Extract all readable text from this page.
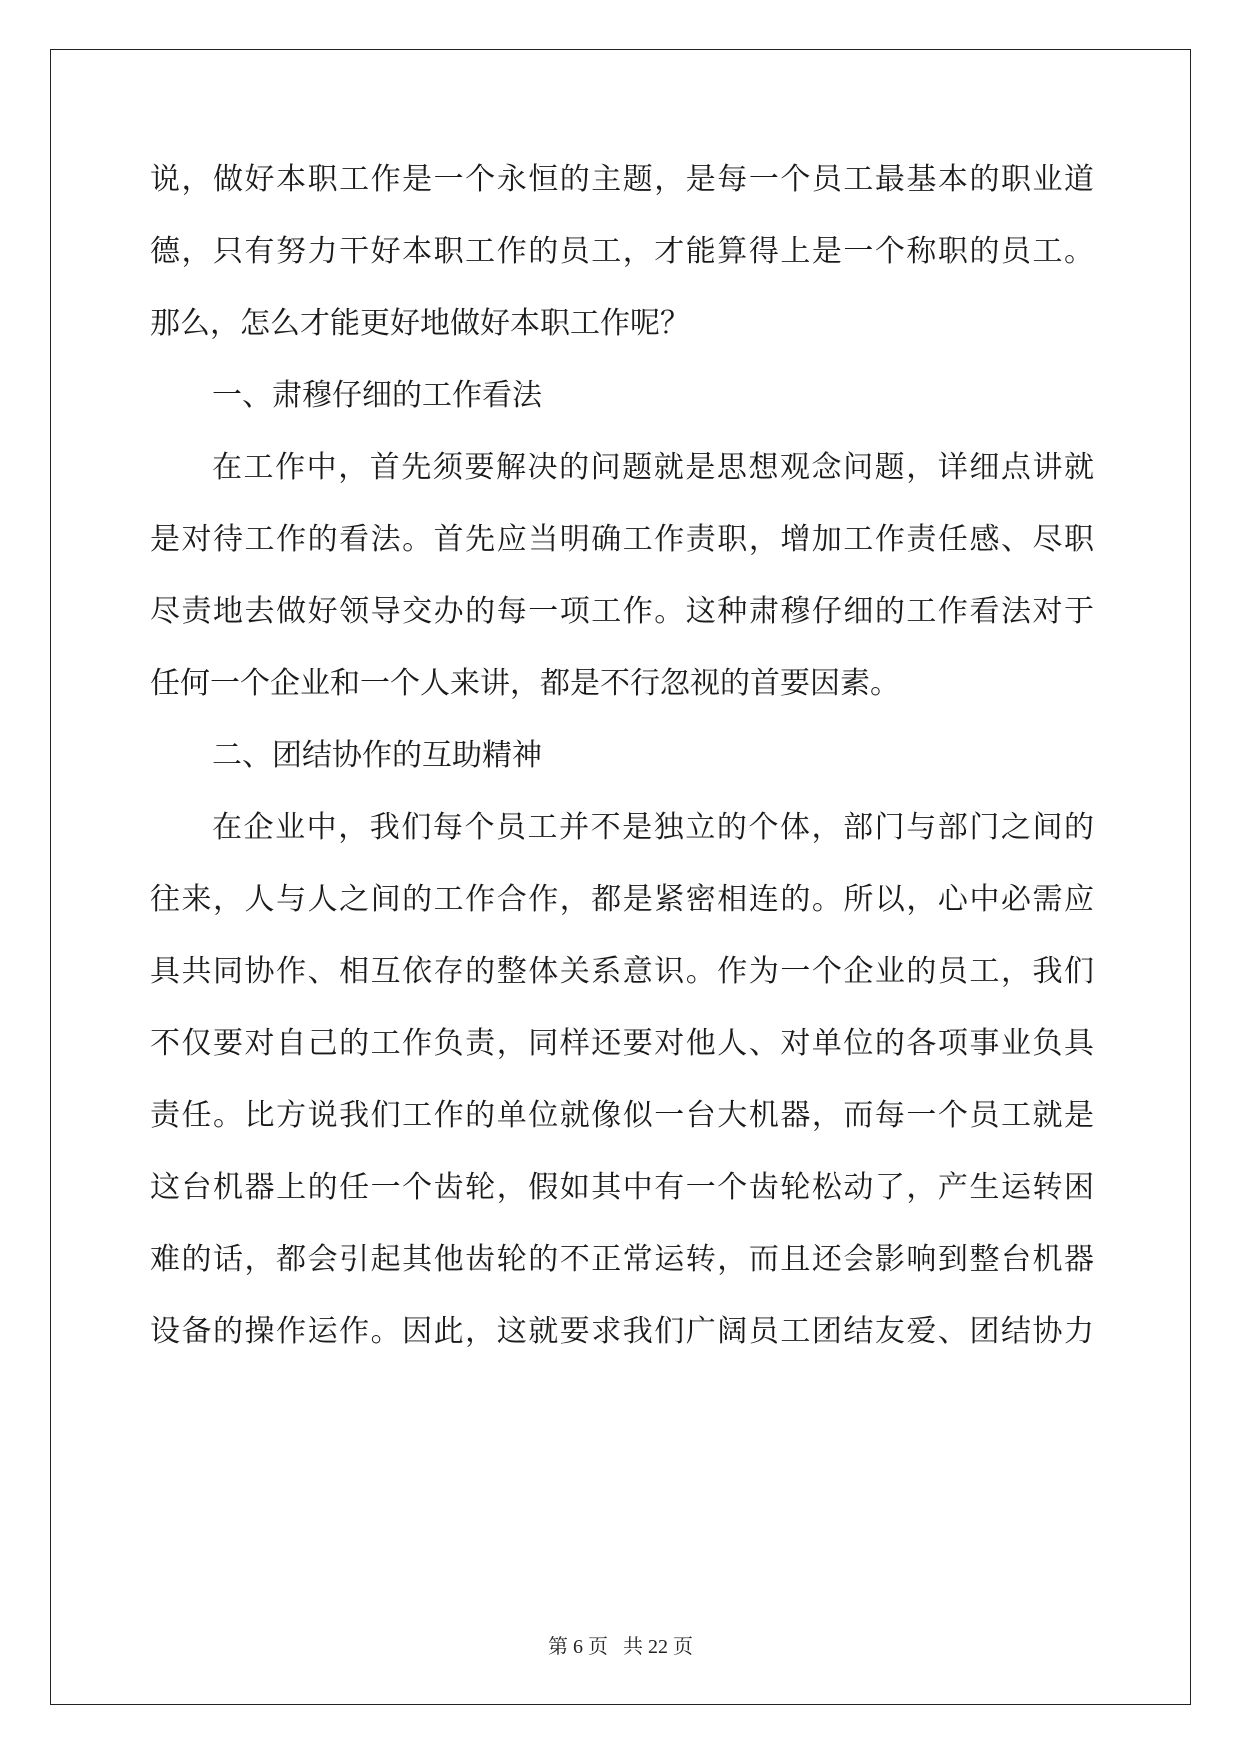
说，做好本职工作是一个永恒的主题，是每一个员工最基本的职业道
德，只有努力干好本职工作的员工，才能算得上是一个称职的员工。
那么，怎么才能更好地做好本职工作呢？
一、肃穆仔细的工作看法
在工作中，首先须要解决的问题就是思想观念问题，详细点讲就
是对待工作的看法。首先应当明确工作责职，增加工作责任感、尽职
尽责地去做好领导交办的每一项工作。这种肃穆仔细的工作看法对于
任何一个企业和一个人来讲，都是不行忽视的首要因素。
二、团结协作的互助精神
在企业中，我们每个员工并不是独立的个体，部门与部门之间的
往来，人与人之间的工作合作，都是紧密相连的。所以，心中必需应
具共同协作、相互依存的整体关系意识。作为一个企业的员工，我们
不仅要对自己的工作负责，同样还要对他人、对单位的各项事业负具
责任。比方说我们工作的单位就像似一台大机器，而每一个员工就是
这台机器上的任一个齿轮，假如其中有一个齿轮松动了，产生运转困
难的话，都会引起其他齿轮的不正常运转，而且还会影响到整台机器
设备的操作运作。因此，这就要求我们广阔员工团结友爱、团结协力
第 6 页   共 22 页
